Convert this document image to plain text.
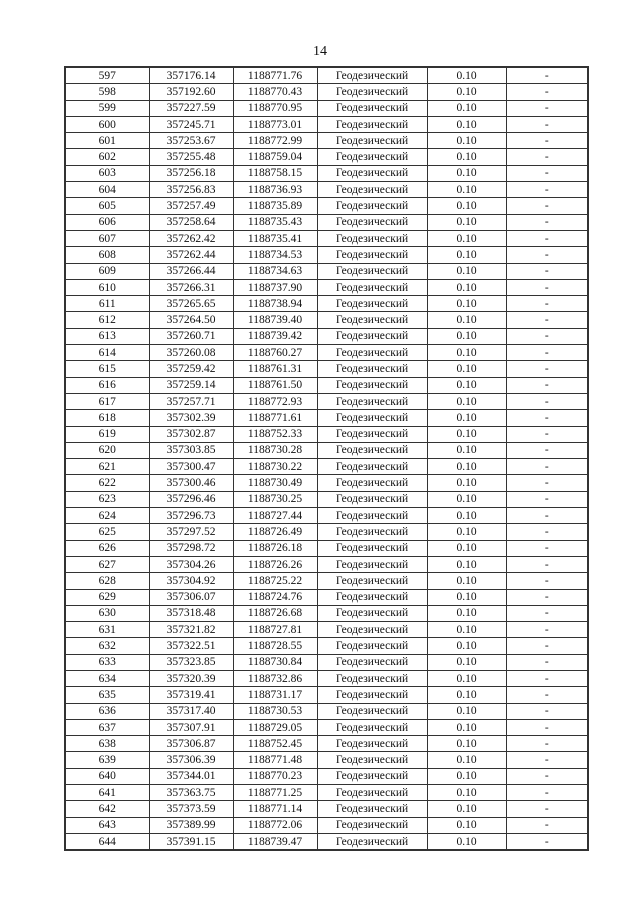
14
597	357176.14	1188771.76	Геодезический	0.10	-
598	357192.60	1188770.43	Геодезический	0.10	-
599	357227.59	1188770.95	Геодезический	0.10	-
600	357245.71	1188773.01	Геодезический	0.10	-
601	357253.67	1188772.99	Геодезический	0.10	-
602	357255.48	1188759.04	Геодезический	0.10	-
603	357256.18	1188758.15	Геодезический	0.10	-
604	357256.83	1188736.93	Геодезический	0.10	-
605	357257.49	1188735.89	Геодезический	0.10	-
606	357258.64	1188735.43	Геодезический	0.10	-
607	357262.42	1188735.41	Геодезический	0.10	-
608	357262.44	1188734.53	Геодезический	0.10	-
609	357266.44	1188734.63	Геодезический	0.10	-
610	357266.31	1188737.90	Геодезический	0.10	-
611	357265.65	1188738.94	Геодезический	0.10	-
612	357264.50	1188739.40	Геодезический	0.10	-
613	357260.71	1188739.42	Геодезический	0.10	-
614	357260.08	1188760.27	Геодезический	0.10	-
615	357259.42	1188761.31	Геодезический	0.10	-
616	357259.14	1188761.50	Геодезический	0.10	-
617	357257.71	1188772.93	Геодезический	0.10	-
618	357302.39	1188771.61	Геодезический	0.10	-
619	357302.87	1188752.33	Геодезический	0.10	-
620	357303.85	1188730.28	Геодезический	0.10	-
621	357300.47	1188730.22	Геодезический	0.10	-
622	357300.46	1188730.49	Геодезический	0.10	-
623	357296.46	1188730.25	Геодезический	0.10	-
624	357296.73	1188727.44	Геодезический	0.10	-
625	357297.52	1188726.49	Геодезический	0.10	-
626	357298.72	1188726.18	Геодезический	0.10	-
627	357304.26	1188726.26	Геодезический	0.10	-
628	357304.92	1188725.22	Геодезический	0.10	-
629	357306.07	1188724.76	Геодезический	0.10	-
630	357318.48	1188726.68	Геодезический	0.10	-
631	357321.82	1188727.81	Геодезический	0.10	-
632	357322.51	1188728.55	Геодезический	0.10	-
633	357323.85	1188730.84	Геодезический	0.10	-
634	357320.39	1188732.86	Геодезический	0.10	-
635	357319.41	1188731.17	Геодезический	0.10	-
636	357317.40	1188730.53	Геодезический	0.10	-
637	357307.91	1188729.05	Геодезический	0.10	-
638	357306.87	1188752.45	Геодезический	0.10	-
639	357306.39	1188771.48	Геодезический	0.10	-
640	357344.01	1188770.23	Геодезический	0.10	-
641	357363.75	1188771.25	Геодезический	0.10	-
642	357373.59	1188771.14	Геодезический	0.10	-
643	357389.99	1188772.06	Геодезический	0.10	-
644	357391.15	1188739.47	Геодезический	0.10	-
